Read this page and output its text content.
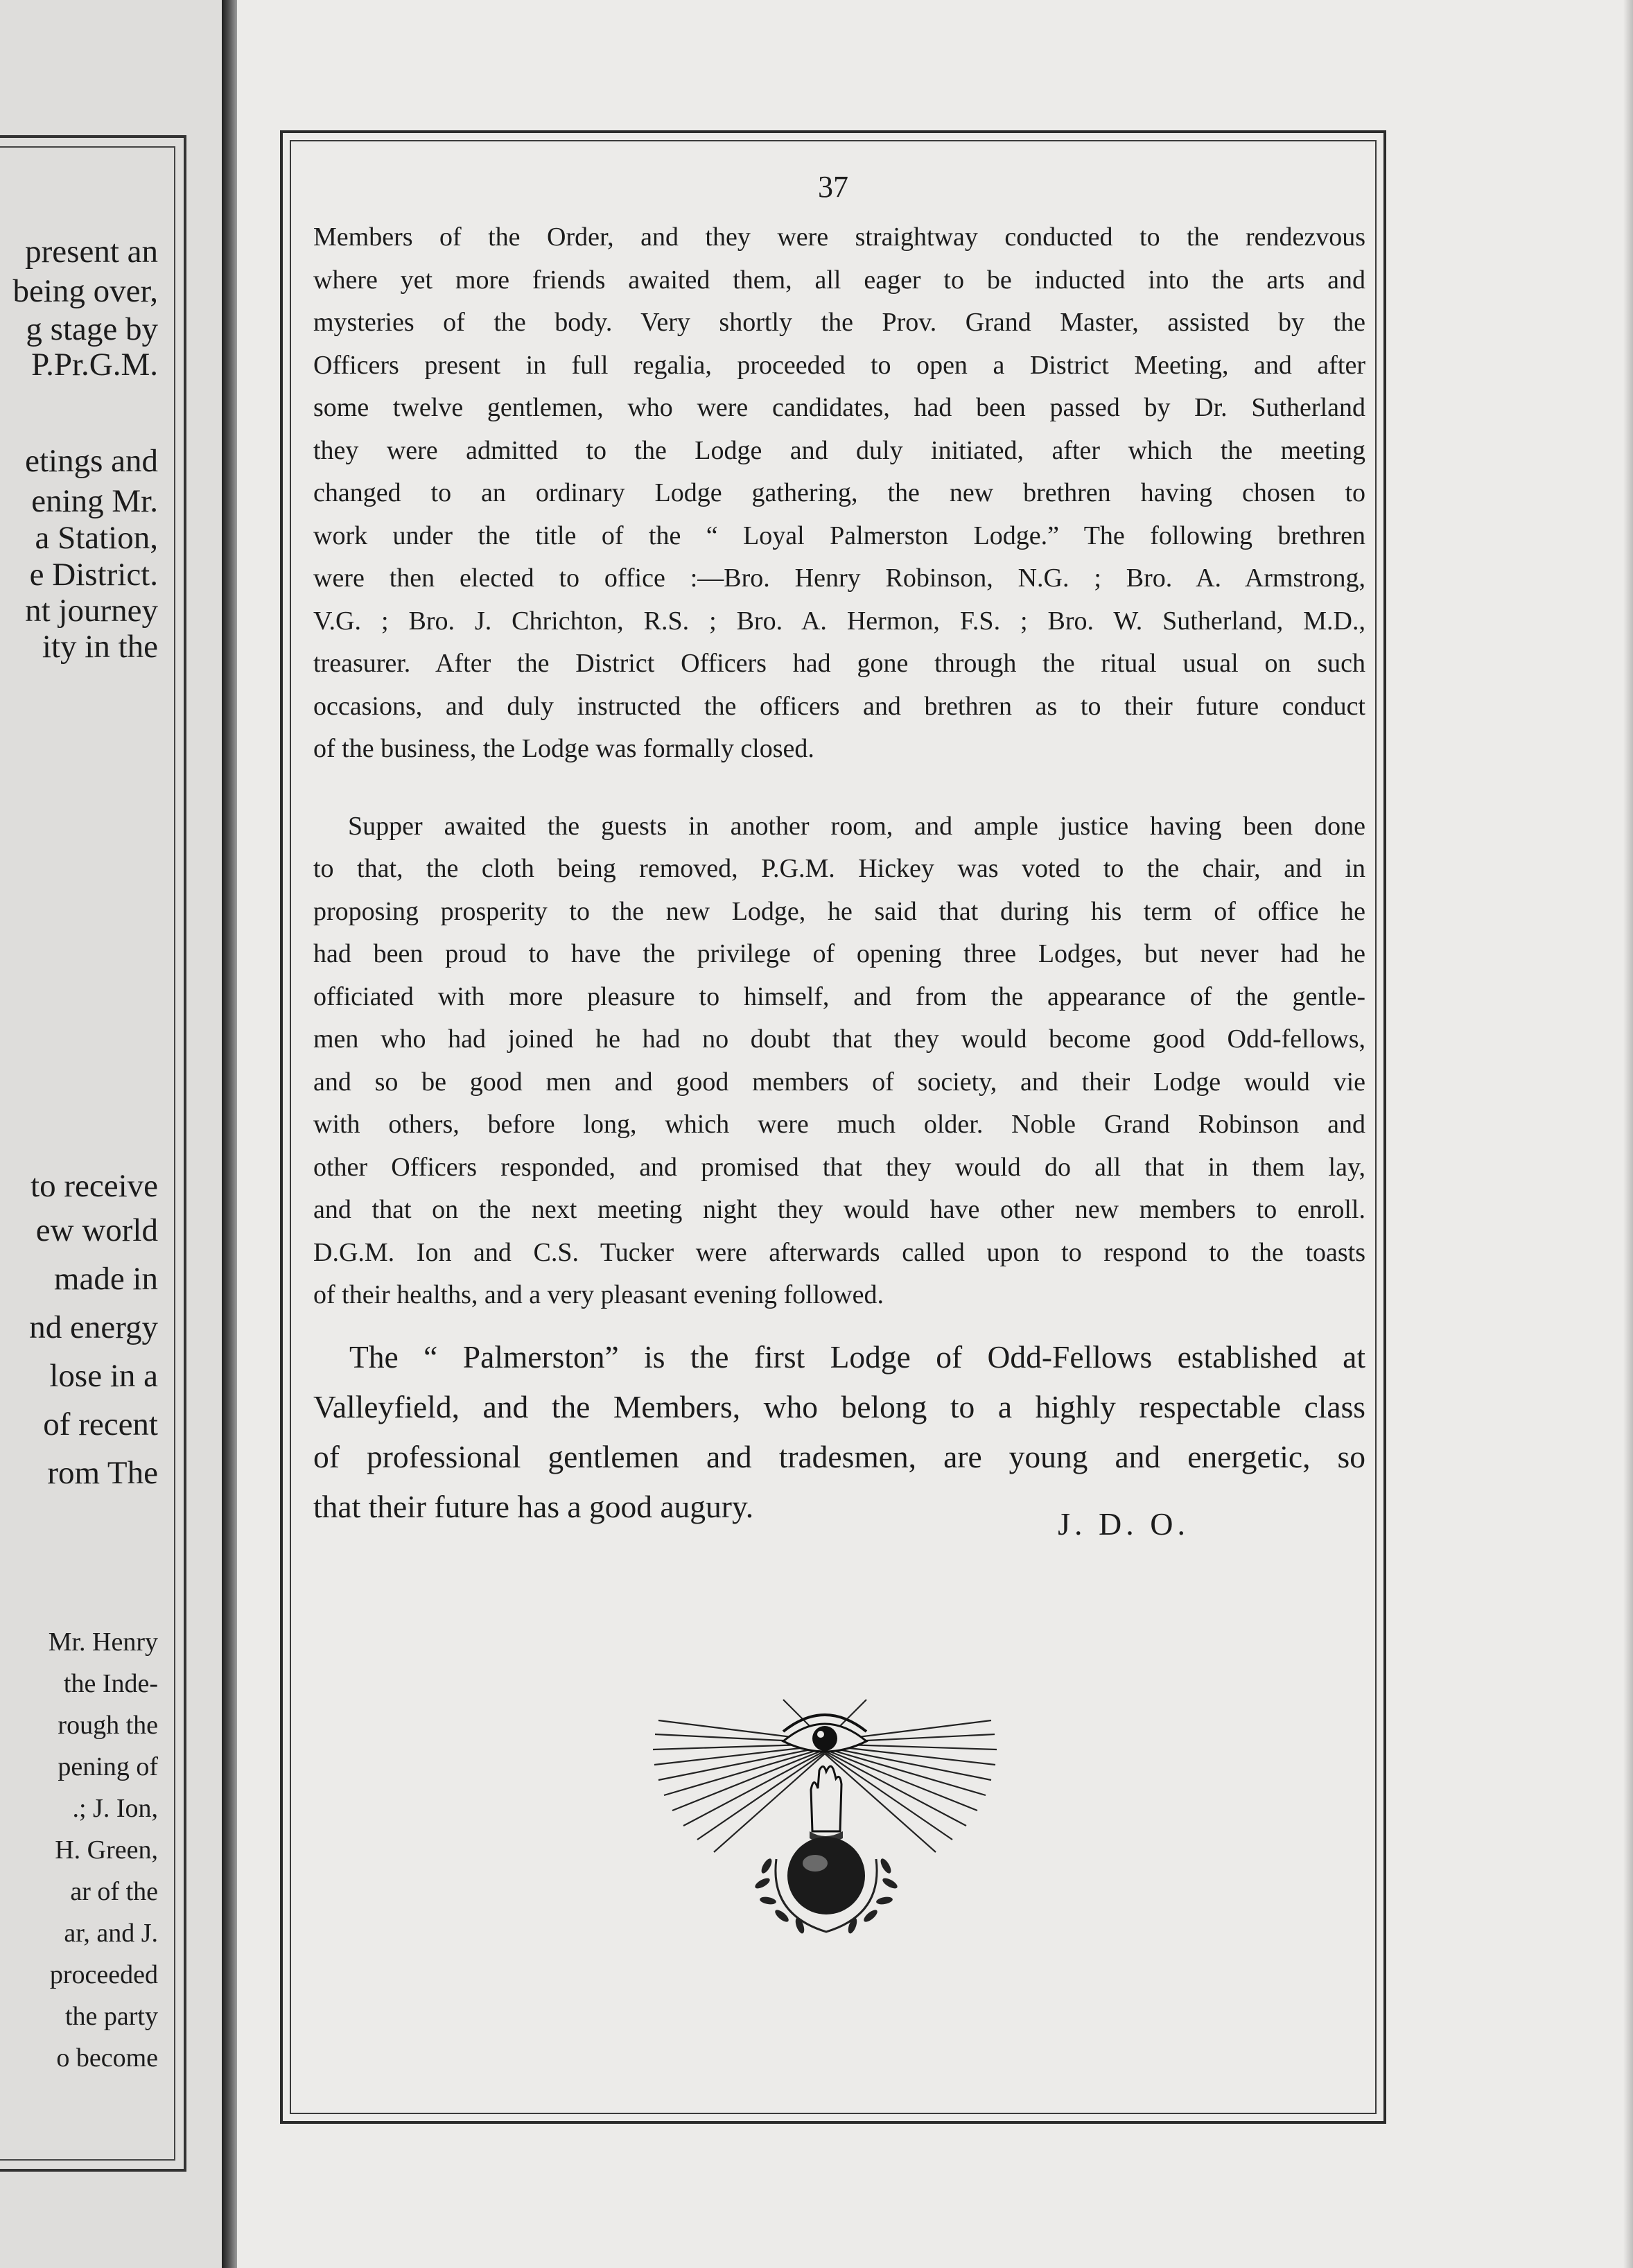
present an
being over,
g stage by
P.Pr.G.M.
etings and
ening Mr.
a Station,
e District.
nt journey
ity in the
to receive
ew world
made in
nd energy
lose in a
of recent
rom The
Mr. Henry
the Inde-
rough the
pening of
.; J. Ion,
H. Green,
ar of the
ar, and J.
proceeded
the party
o become
37
Members of the Order, and they were straightway conducted to the rendezvous
where yet more friends awaited them, all eager to be inducted into the arts and
mysteries of the body. Very shortly the Prov. Grand Master, assisted by the
Officers present in full regalia, proceeded to open a District Meeting, and after
some twelve gentlemen, who were candidates, had been passed by Dr. Sutherland
they were admitted to the Lodge and duly initiated, after which the meeting
changed to an ordinary Lodge gathering, the new brethren having chosen to
work under the title of the “ Loyal Palmerston Lodge.” The following brethren
were then elected to office :—Bro. Henry Robinson, N.G. ; Bro. A. Armstrong,
V.G. ; Bro. J. Chrichton, R.S. ; Bro. A. Hermon, F.S. ; Bro. W. Sutherland, M.D.,
treasurer. After the District Officers had gone through the ritual usual on such
occasions, and duly instructed the officers and brethren as to their future conduct
of the business, the Lodge was formally closed.
Supper awaited the guests in another room, and ample justice having been done
to that, the cloth being removed, P.G.M. Hickey was voted to the chair, and in
proposing prosperity to the new Lodge, he said that during his term of office he
had been proud to have the privilege of opening three Lodges, but never had he
officiated with more pleasure to himself, and from the appearance of the gentle-
men who had joined he had no doubt that they would become good Odd-fellows,
and so be good men and good members of society, and their Lodge would vie
with others, before long, which were much older. Noble Grand Robinson and
other Officers responded, and promised that they would do all that in them lay,
and that on the next meeting night they would have other new members to enroll.
D.G.M. Ion and C.S. Tucker were afterwards called upon to respond to the toasts
of their healths, and a very pleasant evening followed.
The “ Palmerston” is the first Lodge of Odd-Fellows established at
Valleyfield, and the Members, who belong to a highly respectable class
of professional gentlemen and tradesmen, are young and energetic, so
that their future has a good augury.	J. D. O.
